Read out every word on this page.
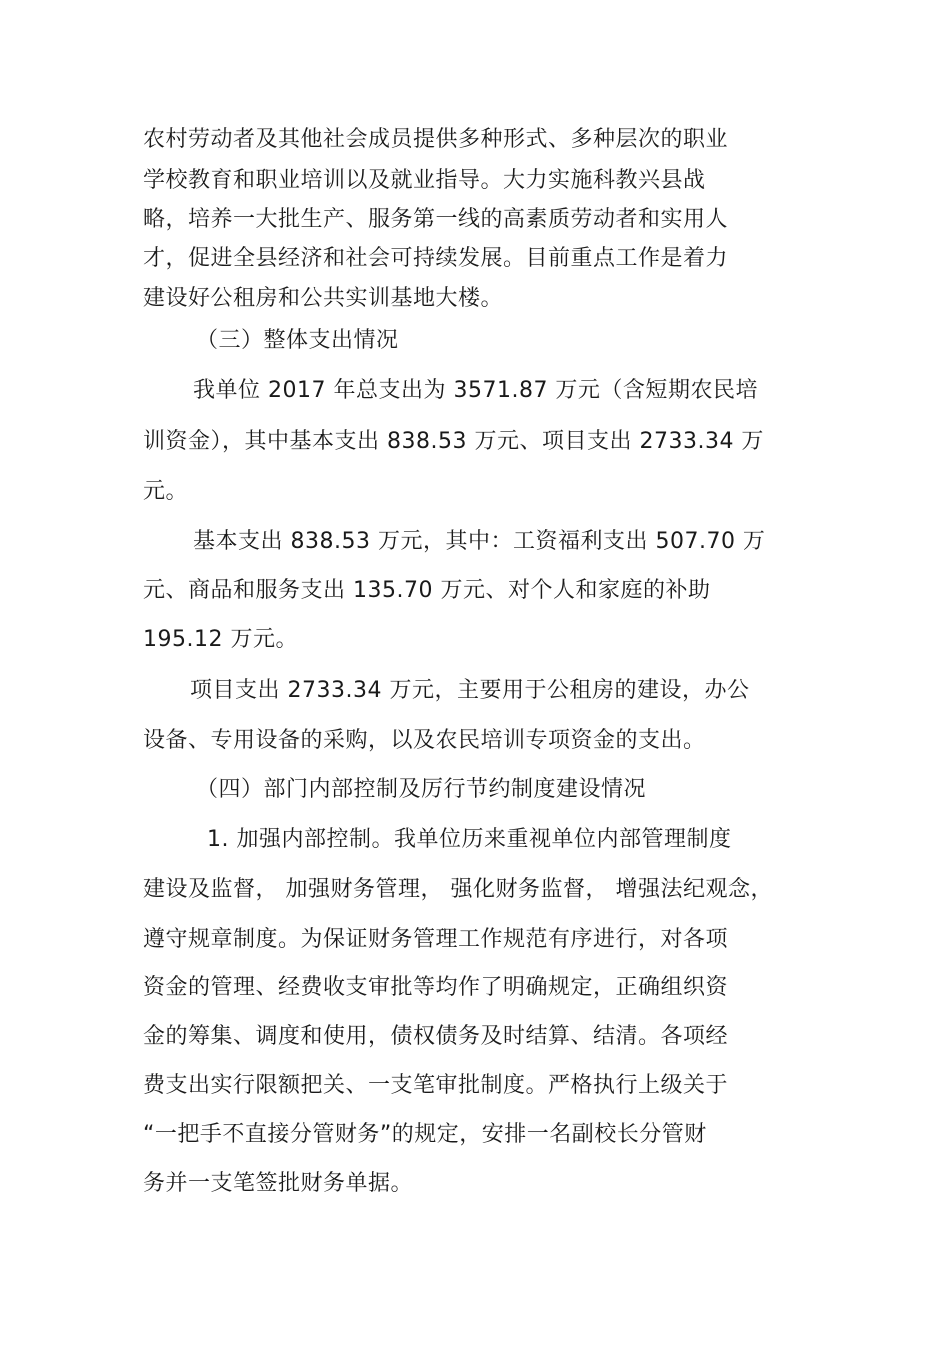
农村劳动者及其他社会成员提供多种形式、多种层次的职业
学校教育和职业培训以及就业指导。大力实施科教兴县战
略，培养一大批生产、服务第一线的高素质劳动者和实用人
才，促进全县经济和社会可持续发展。目前重点工作是着力
建设好公租房和公共实训基地大楼。
（三）整体支出情况
我单位 2017 年总支出为 3571.87 万元（含短期农民培
训资金），其中基本支出 838.53 万元、项目支出 2733.34 万
元。
基本支出 838.53 万元，其中：工资福利支出 507.70 万
元、商品和服务支出 135.70 万元、对个人和家庭的补助
195.12 万元。
项目支出 2733.34 万元，主要用于公租房的建设，办公
设备、专用设备的采购，以及农民培训专项资金的支出。
（四）部门内部控制及厉行节约制度建设情况
1. 加强内部控制。我单位历来重视单位内部管理制度
建设及监督， 加强财务管理， 强化财务监督， 增强法纪观念，
遵守规章制度。为保证财务管理工作规范有序进行，对各项
资金的管理、经费收支审批等均作了明确规定，正确组织资
金的筹集、调度和使用，债权债务及时结算、结清。各项经
费支出实行限额把关、一支笔审批制度。严格执行上级关于
“一把手不直接分管财务”的规定，安排一名副校长分管财
务并一支笔签批财务单据。
